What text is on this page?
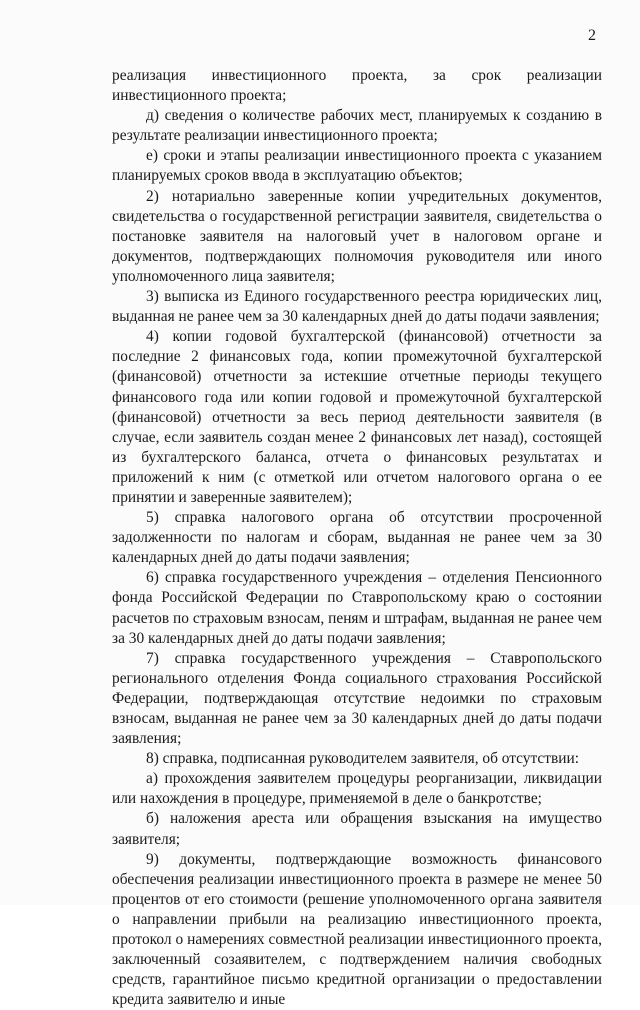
2

реализация инвестиционного проекта, за срок реализации инвестиционного проекта;

д) сведения о количестве рабочих мест, планируемых к созданию в результате реализации инвестиционного проекта;

е) сроки и этапы реализации инвестиционного проекта с указанием планируемых сроков ввода в эксплуатацию объектов;

2) нотариально заверенные копии учредительных документов, свидетельства о государственной регистрации заявителя, свидетельства о постановке заявителя на налоговый учет в налоговом органе и документов, подтверждающих полномочия руководителя или иного уполномоченного лица заявителя;

3) выписка из Единого государственного реестра юридических лиц, выданная не ранее чем за 30 календарных дней до даты подачи заявления;

4) копии годовой бухгалтерской (финансовой) отчетности за последние 2 финансовых года, копии промежуточной бухгалтерской (финансовой) отчетности за истекшие отчетные периоды текущего финансового года или копии годовой и промежуточной бухгалтерской (финансовой) отчетности за весь период деятельности заявителя (в случае, если заявитель создан менее 2 финансовых лет назад), состоящей из бухгалтерского баланса, отчета о финансовых результатах и приложений к ним (с отметкой или отчетом налогового органа о ее принятии и заверенные заявителем);

5) справка налогового органа об отсутствии просроченной задолженности по налогам и сборам, выданная не ранее чем за 30 календарных дней до даты подачи заявления;

6) справка государственного учреждения – отделения Пенсионного фонда Российской Федерации по Ставропольскому краю о состоянии расчетов по страховым взносам, пеням и штрафам, выданная не ранее чем за 30 календарных дней до даты подачи заявления;

7) справка государственного учреждения – Ставропольского регионального отделения Фонда социального страхования Российской Федерации, подтверждающая отсутствие недоимки по страховым взносам, выданная не ранее чем за 30 календарных дней до даты подачи заявления;

8) справка, подписанная руководителем заявителя, об отсутствии:

а) прохождения заявителем процедуры реорганизации, ликвидации или нахождения в процедуре, применяемой в деле о банкротстве;

б) наложения ареста или обращения взыскания на имущество заявителя;

9) документы, подтверждающие возможность финансового обеспечения реализации инвестиционного проекта в размере не менее 50 процентов от его стоимости (решение уполномоченного органа заявителя о направлении прибыли на реализацию инвестиционного проекта, протокол о намерениях совместной реализации инвестиционного проекта, заключенный созаявителем, с подтверждением наличия свободных средств, гарантийное письмо кредитной организации о предоставлении кредита заявителю и иные
